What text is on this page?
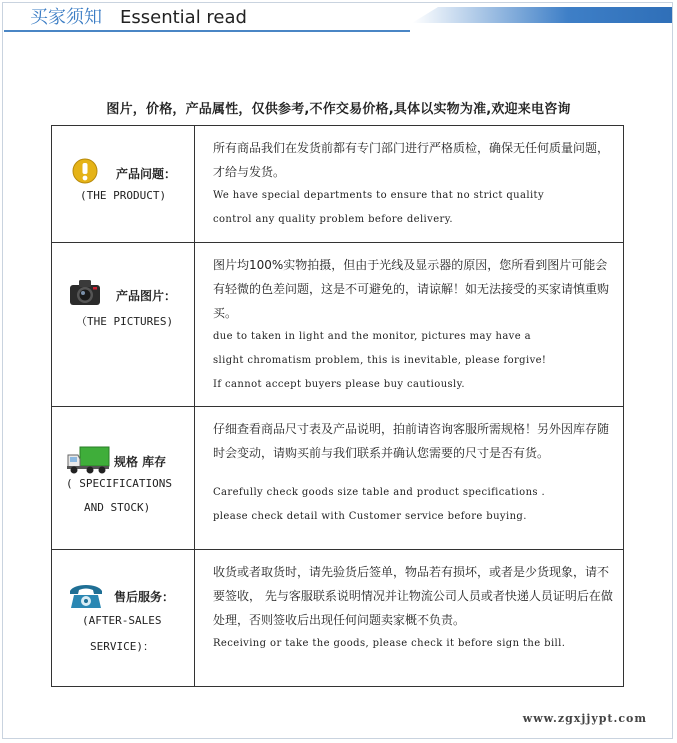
买家须知 Essential read
图片，价格，产品属性，仅供参考,不作交易价格,具体以实物为准,欢迎来电咨询
产品问题：
(THE PRODUCT)
所有商品我们在发货前都有专门部门进行严格质检，确保无任何质量问题，才给与发货。
We have special departments to ensure that no strict quality
control any quality problem before delivery.
产品图片：
（THE PICTURES)
图片均100%实物拍摄，但由于光线及显示器的原因，您所看到图片可能会有轻微的色差问题，这是不可避免的，请谅解！如无法接受的买家请慎重购买。
due to taken in light and the monitor, pictures may have a
slight chromatism problem, this is inevitable, please forgive!
If cannot accept buyers please buy cautiously.
规格 库存
( SPECIFICATIONS
AND STOCK)
仔细查看商品尺寸表及产品说明，拍前请咨询客服所需规格！另外因库存随时会变动，请购买前与我们联系并确认您需要的尺寸是否有货。
Carefully check goods size table and product specifications .
please check detail with Customer service before buying.
售后服务：
(AFTER-SALES
SERVICE)：
收货或者取货时，请先验货后签单，物品若有损坏，或者是少货现象，请不要签收， 先与客服联系说明情况并让物流公司人员或者快递人员证明后在做处理，否则签收后出现任何问题卖家概不负责。
Receiving or take the goods, please check it before sign the bill.
www.zgxjjypt.com
